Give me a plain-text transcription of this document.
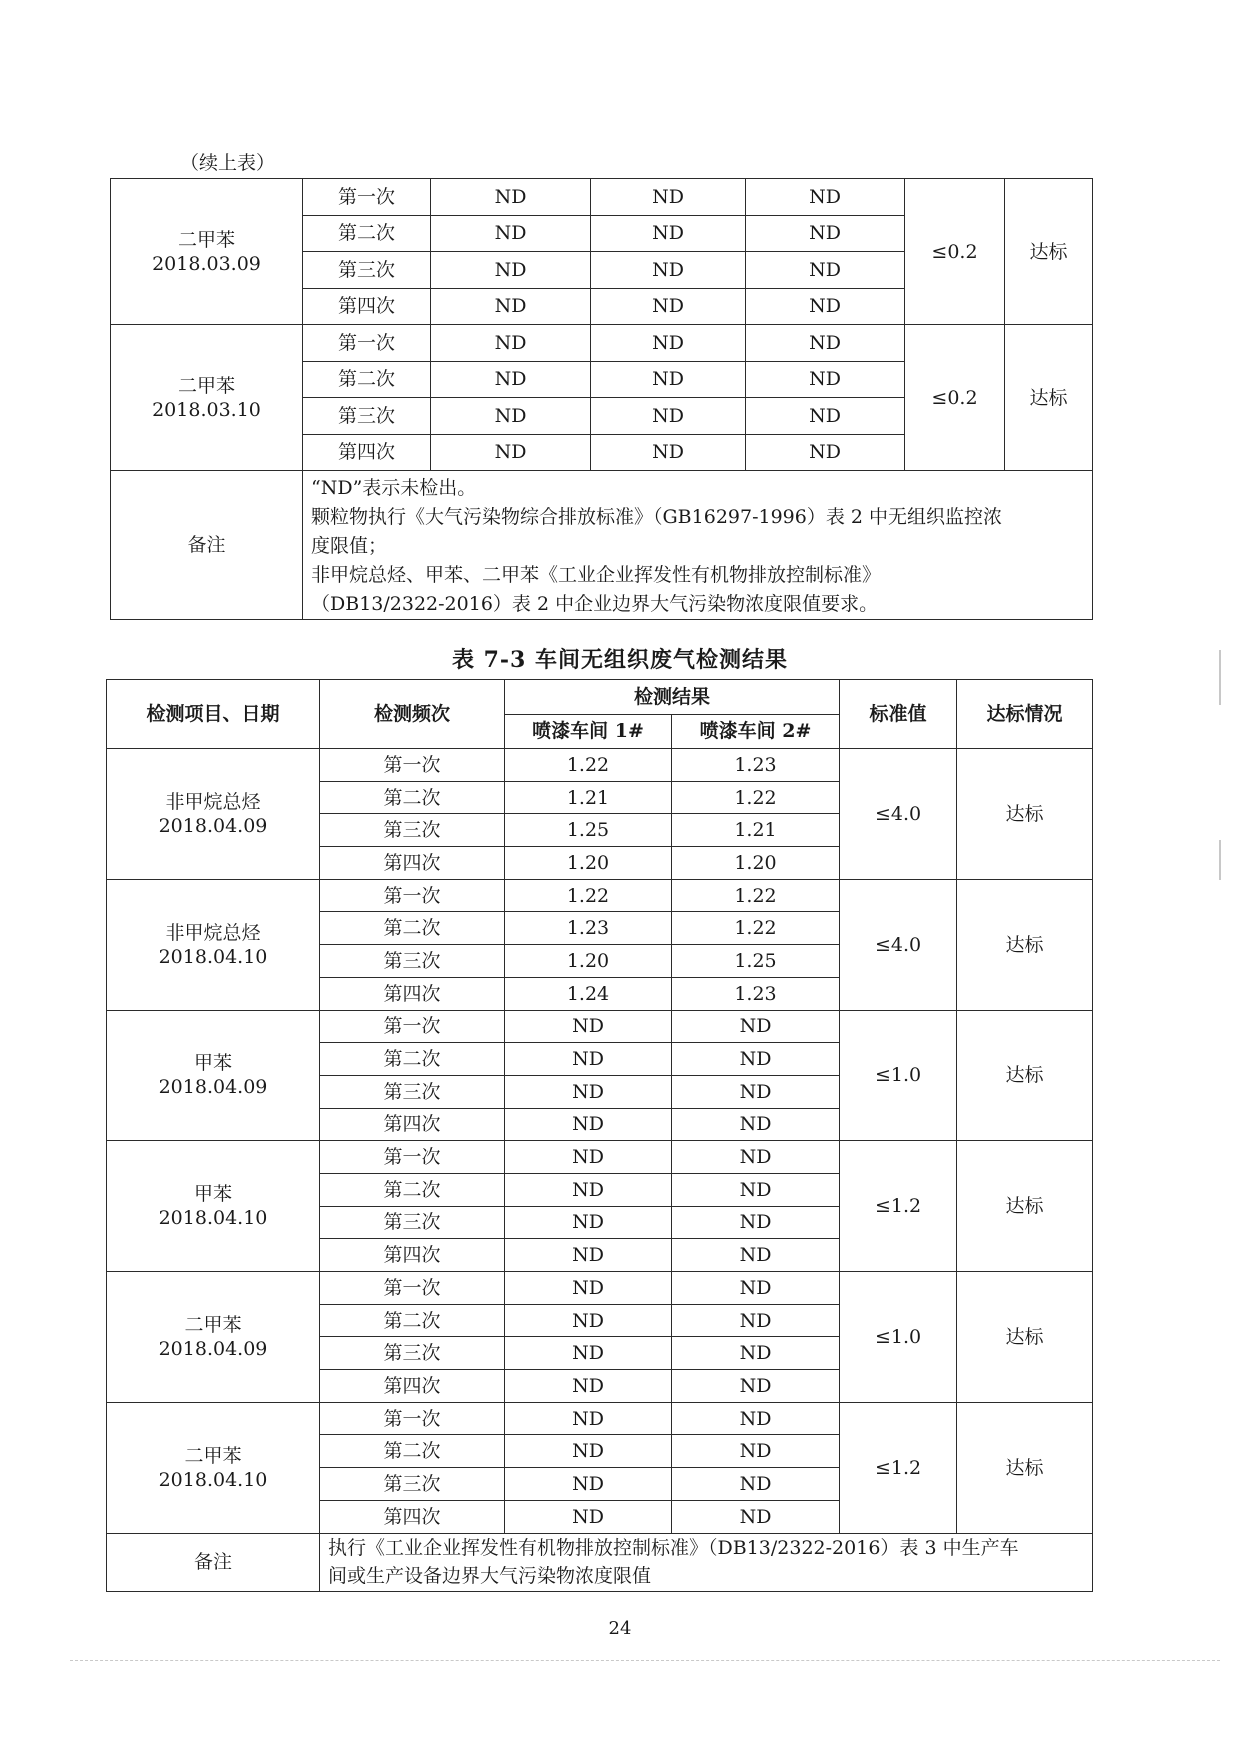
（续上表）
二甲苯
2018.03.09	第一次	ND	ND	ND	≤0.2	达标
	第二次	ND	ND	ND		
	第三次	ND	ND	ND		
	第四次	ND	ND	ND		

二甲苯
2018.03.10	第一次	ND	ND	ND	≤0.2	达标
	第二次	ND	ND	ND		
	第三次	ND	ND	ND		
	第四次	ND	ND	ND		
备注	“ND”表示未检出。
颗粒物执行《大气污染物综合排放标准》（GB16297-1996）表 2 中无组织监控浓
度限值；
非甲烷总烃、甲苯、二甲苯《工业企业挥发性有机物排放控制标准》
（DB13/2322-2016）表 2 中企业边界大气污染物浓度限值要求。					
表 7-3 车间无组织废气检测结果
检测项目、日期	检测频次	检测结果		标准值	达标情况
		喷漆车间 1#	喷漆车间 2#		

非甲烷总烃
2018.04.09	第一次	1.22	1.23	≤4.0	达标
	第二次	1.21	1.22		
	第三次	1.25	1.21		
	第四次	1.20	1.20		

非甲烷总烃
2018.04.10	第一次	1.22	1.22	≤4.0	达标
	第二次	1.23	1.22		
	第三次	1.20	1.25		
	第四次	1.24	1.23		

甲苯
2018.04.09	第一次	ND	ND	≤1.0	达标
	第二次	ND	ND		
	第三次	ND	ND		
	第四次	ND	ND		

甲苯
2018.04.10	第一次	ND	ND	≤1.2	达标
	第二次	ND	ND		
	第三次	ND	ND		
	第四次	ND	ND		

二甲苯
2018.04.09	第一次	ND	ND	≤1.0	达标
	第二次	ND	ND		
	第三次	ND	ND		
	第四次	ND	ND		

二甲苯
2018.04.10	第一次	ND	ND	≤1.2	达标
	第二次	ND	ND		
	第三次	ND	ND		
	第四次	ND	ND		
备注	执行《工业企业挥发性有机物排放控制标准》（DB13/2322-2016）表 3 中生产车
间或生产设备边界大气污染物浓度限值				
24
